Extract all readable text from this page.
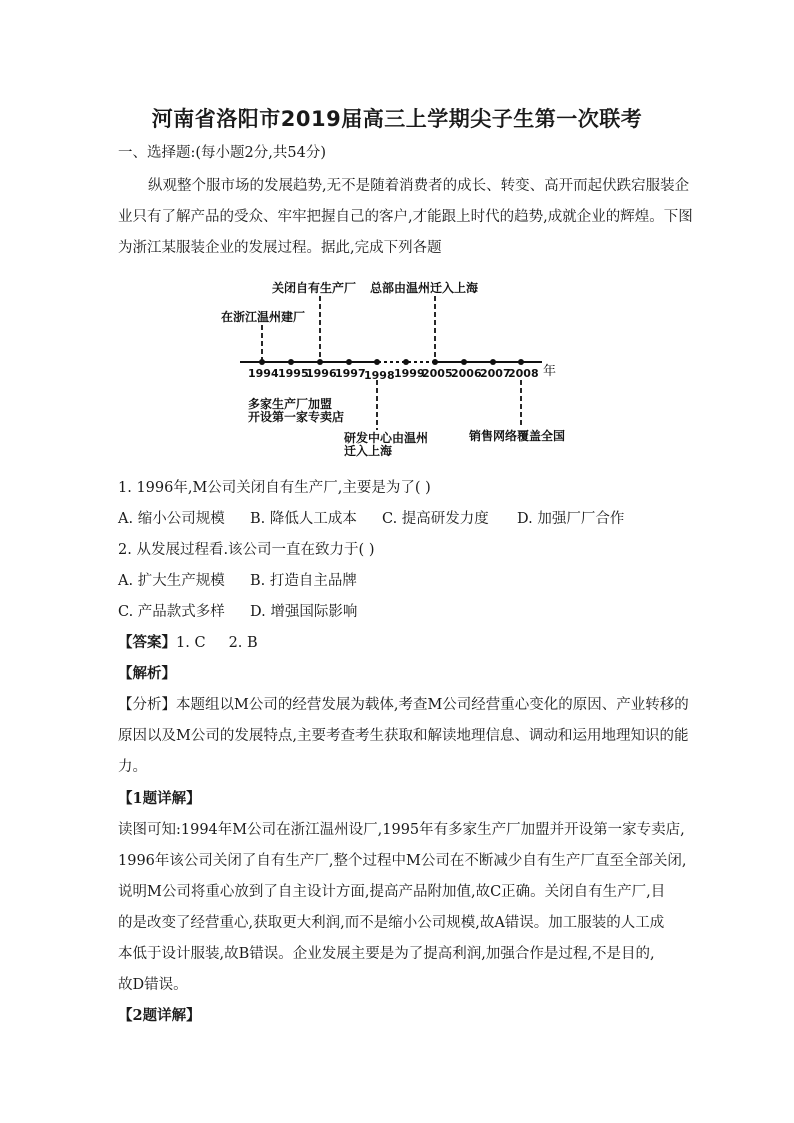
河南省洛阳市2019届高三上学期尖子生第一次联考
一、选择题:(每小题2分,共54分)
纵观整个服市场的发展趋势,无不是随着消费者的成长、转变、高开而起伏跌宕服装企
业只有了解产品的受众、牢牢把握自己的客户,才能跟上时代的趋势,成就企业的辉煌。下图
为浙江某服装企业的发展过程。据此,完成下列各题
1994 1995
1996
1997
1998 1999
2005
2006
2007
2008 年
在浙江温州建厂
关闭自有生产厂 总部由温州迁入上海
多家生产厂加盟
开设第一家专卖店
研发中心由温州
迁入上海
销售网络覆盖全国
1. 1996年,M公司关闭自有生产厂,主要是为了( )
A. 缩小公司规模 B. 降低人工成本 C. 提高研发力度 D. 加强厂厂合作
2. 从发展过程看.该公司一直在致力于( )
A. 扩大生产规模 B. 打造自主品牌
C. 产品款式多样 D. 增强国际影响
【答案】1. C     2. B
【解析】
【分析】本题组以M公司的经营发展为载体,考查M公司经营重心变化的原因、产业转移的
原因以及M公司的发展特点,主要考查考生获取和解读地理信息、调动和运用地理知识的能
力。
【1题详解】
读图可知:1994年M公司在浙江温州设厂,1995年有多家生产厂加盟并开设第一家专卖店,
1996年该公司关闭了自有生产厂,整个过程中M公司在不断减少自有生产厂直至全部关闭,
说明M公司将重心放到了自主设计方面,提高产品附加值,故C正确。关闭自有生产厂,目
的是改变了经营重心,获取更大利润,而不是缩小公司规模,故A错误。加工服装的人工成
本低于设计服装,故B错误。企业发展主要是为了提高利润,加强合作是过程,不是目的,
故D错误。
【2题详解】
